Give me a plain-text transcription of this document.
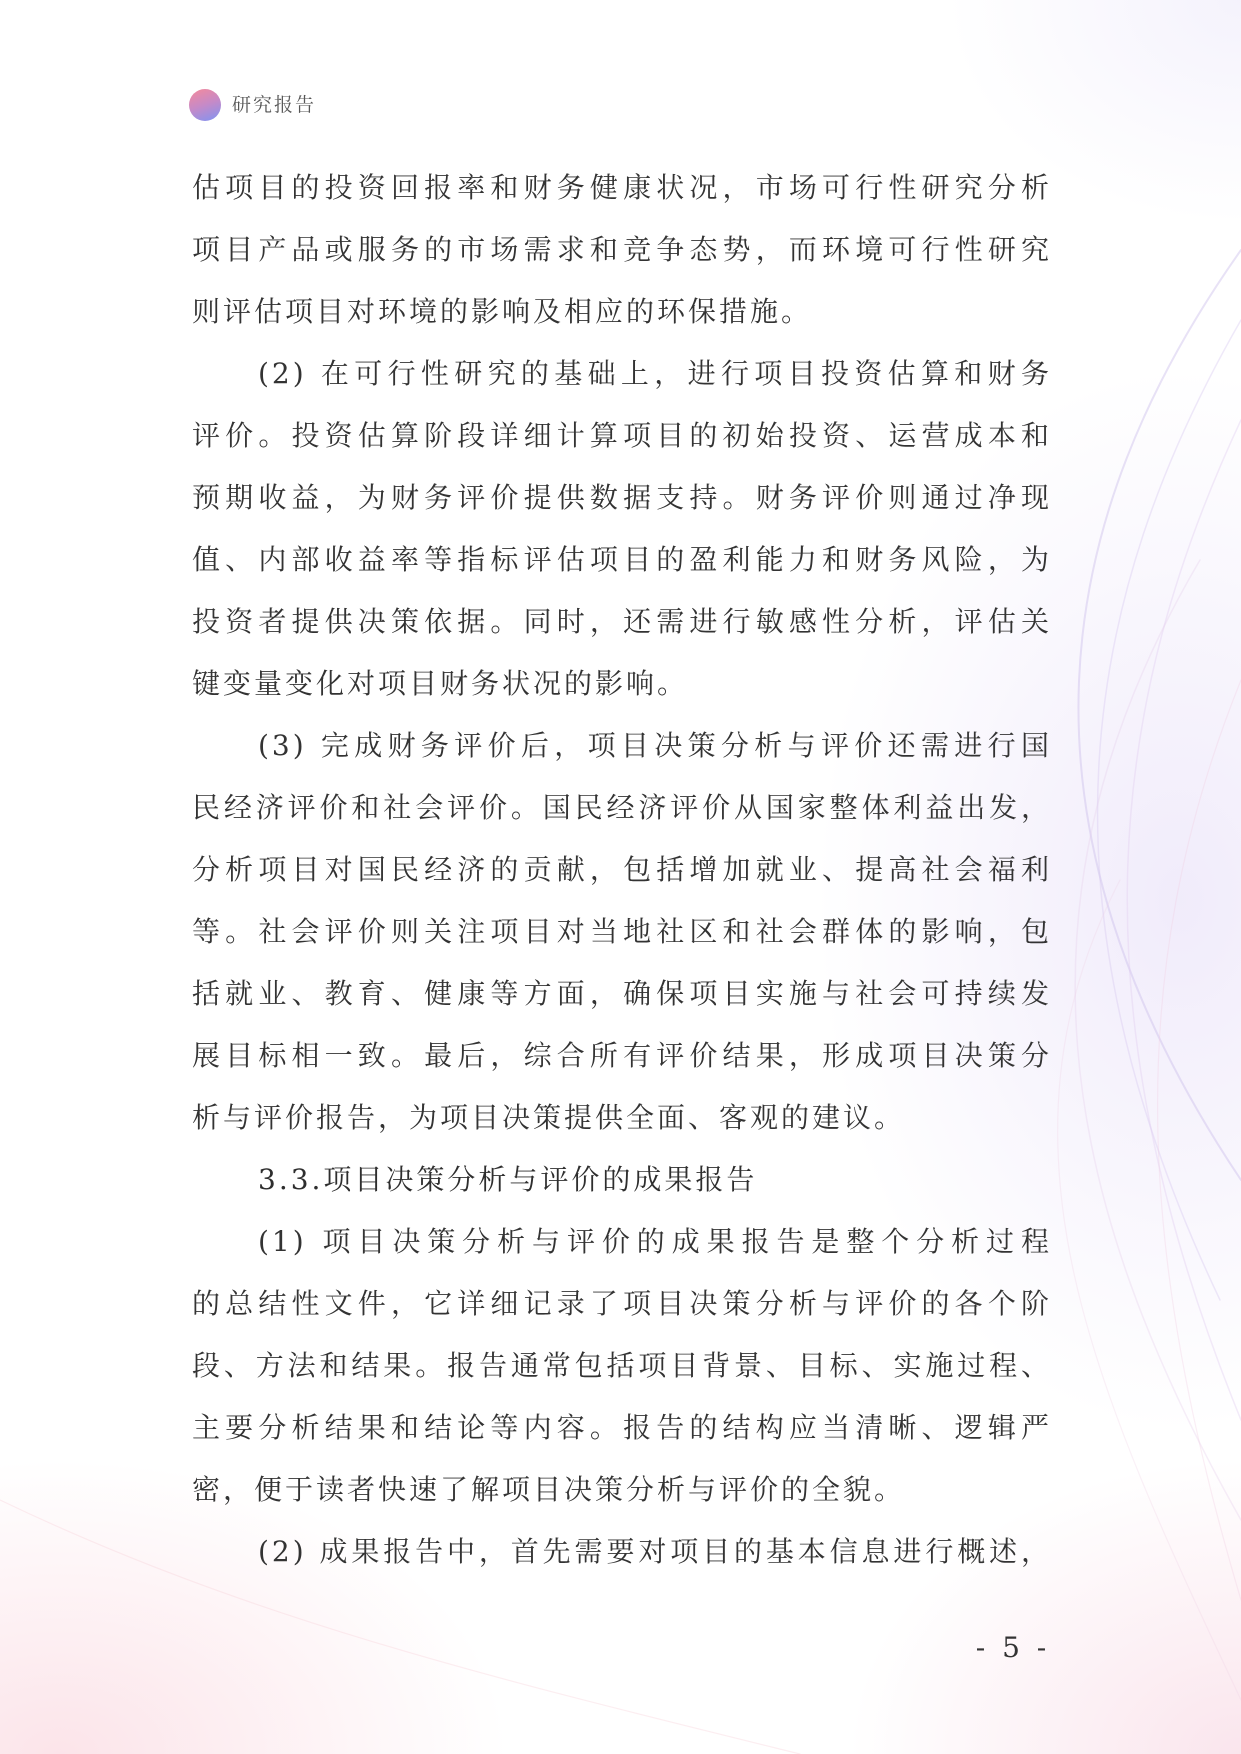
研究报告
估项目的投资回报率和财务健康状况，市场可行性研究分析
项目产品或服务的市场需求和竞争态势，而环境可行性研究
则评估项目对环境的影响及相应的环保措施。
(2) 在可行性研究的基础上，进行项目投资估算和财务
评价。投资估算阶段详细计算项目的初始投资、运营成本和
预期收益，为财务评价提供数据支持。财务评价则通过净现
值、内部收益率等指标评估项目的盈利能力和财务风险，为
投资者提供决策依据。同时，还需进行敏感性分析，评估关
键变量变化对项目财务状况的影响。
(3) 完成财务评价后，项目决策分析与评价还需进行国
民经济评价和社会评价。国民经济评价从国家整体利益出发，
分析项目对国民经济的贡献，包括增加就业、提高社会福利
等。社会评价则关注项目对当地社区和社会群体的影响，包
括就业、教育、健康等方面，确保项目实施与社会可持续发
展目标相一致。最后，综合所有评价结果，形成项目决策分
析与评价报告，为项目决策提供全面、客观的建议。
3.3.项目决策分析与评价的成果报告
(1) 项目决策分析与评价的成果报告是整个分析过程
的总结性文件，它详细记录了项目决策分析与评价的各个阶
段、方法和结果。报告通常包括项目背景、目标、实施过程、
主要分析结果和结论等内容。报告的结构应当清晰、逻辑严
密，便于读者快速了解项目决策分析与评价的全貌。
(2) 成果报告中，首先需要对项目的基本信息进行概述，
- 5 -
